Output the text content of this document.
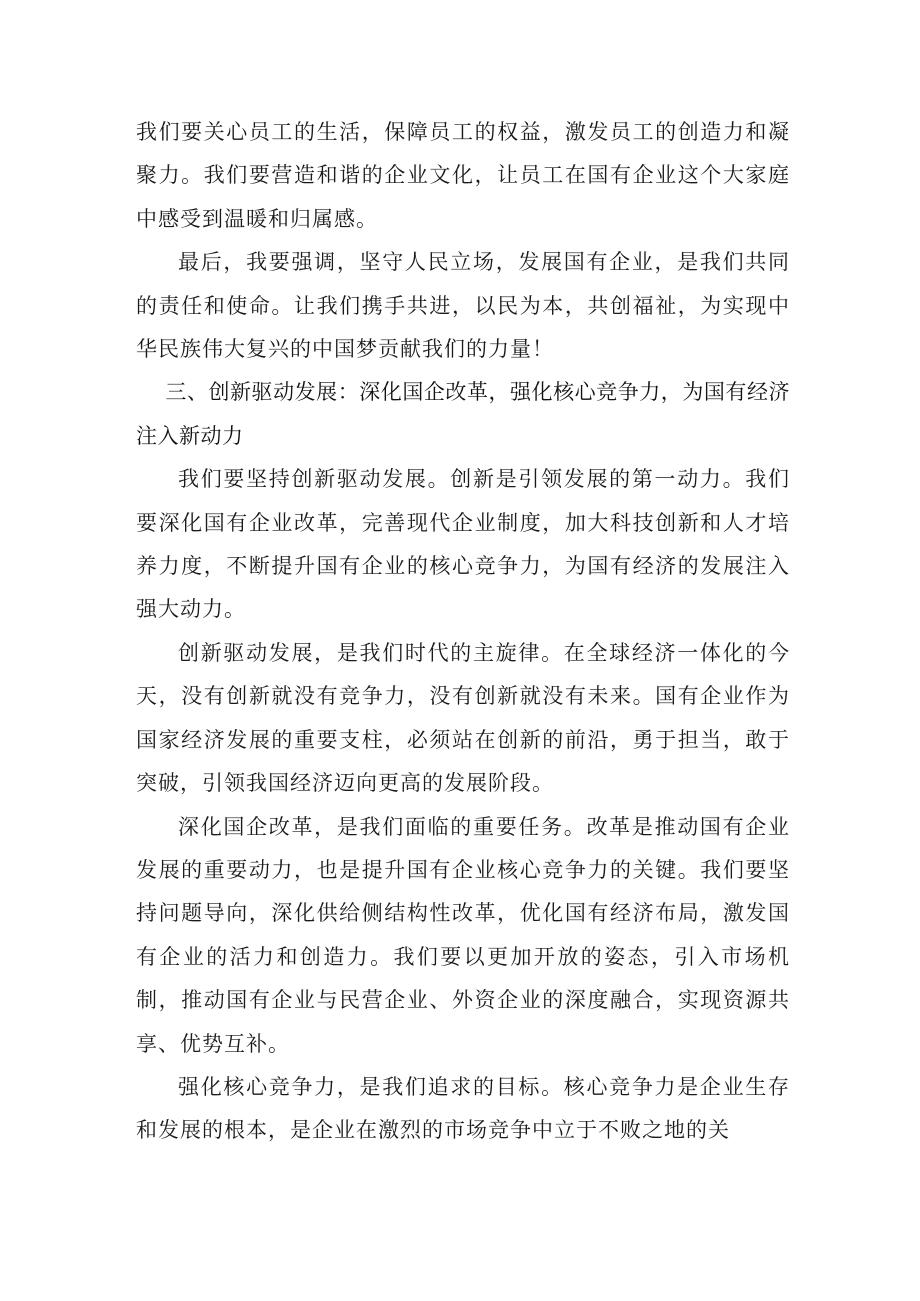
我们要关心员工的生活，保障员工的权益，激发员工的创造力和凝聚力。我们要营造和谐的企业文化，让员工在国有企业这个大家庭中感受到温暖和归属感。

最后，我要强调，坚守人民立场，发展国有企业，是我们共同的责任和使命。让我们携手共进，以民为本，共创福祉，为实现中华民族伟大复兴的中国梦贡献我们的力量！

三、创新驱动发展：深化国企改革，强化核心竞争力，为国有经济注入新动力

我们要坚持创新驱动发展。创新是引领发展的第一动力。我们要深化国有企业改革，完善现代企业制度，加大科技创新和人才培养力度，不断提升国有企业的核心竞争力，为国有经济的发展注入强大动力。

创新驱动发展，是我们时代的主旋律。在全球经济一体化的今天，没有创新就没有竞争力，没有创新就没有未来。国有企业作为国家经济发展的重要支柱，必须站在创新的前沿，勇于担当，敢于突破，引领我国经济迈向更高的发展阶段。

深化国企改革，是我们面临的重要任务。改革是推动国有企业发展的重要动力，也是提升国有企业核心竞争力的关键。我们要坚持问题导向，深化供给侧结构性改革，优化国有经济布局，激发国有企业的活力和创造力。我们要以更加开放的姿态，引入市场机制，推动国有企业与民营企业、外资企业的深度融合，实现资源共享、优势互补。

强化核心竞争力，是我们追求的目标。核心竞争力是企业生存和发展的根本，是企业在激烈的市场竞争中立于不败之地的关
